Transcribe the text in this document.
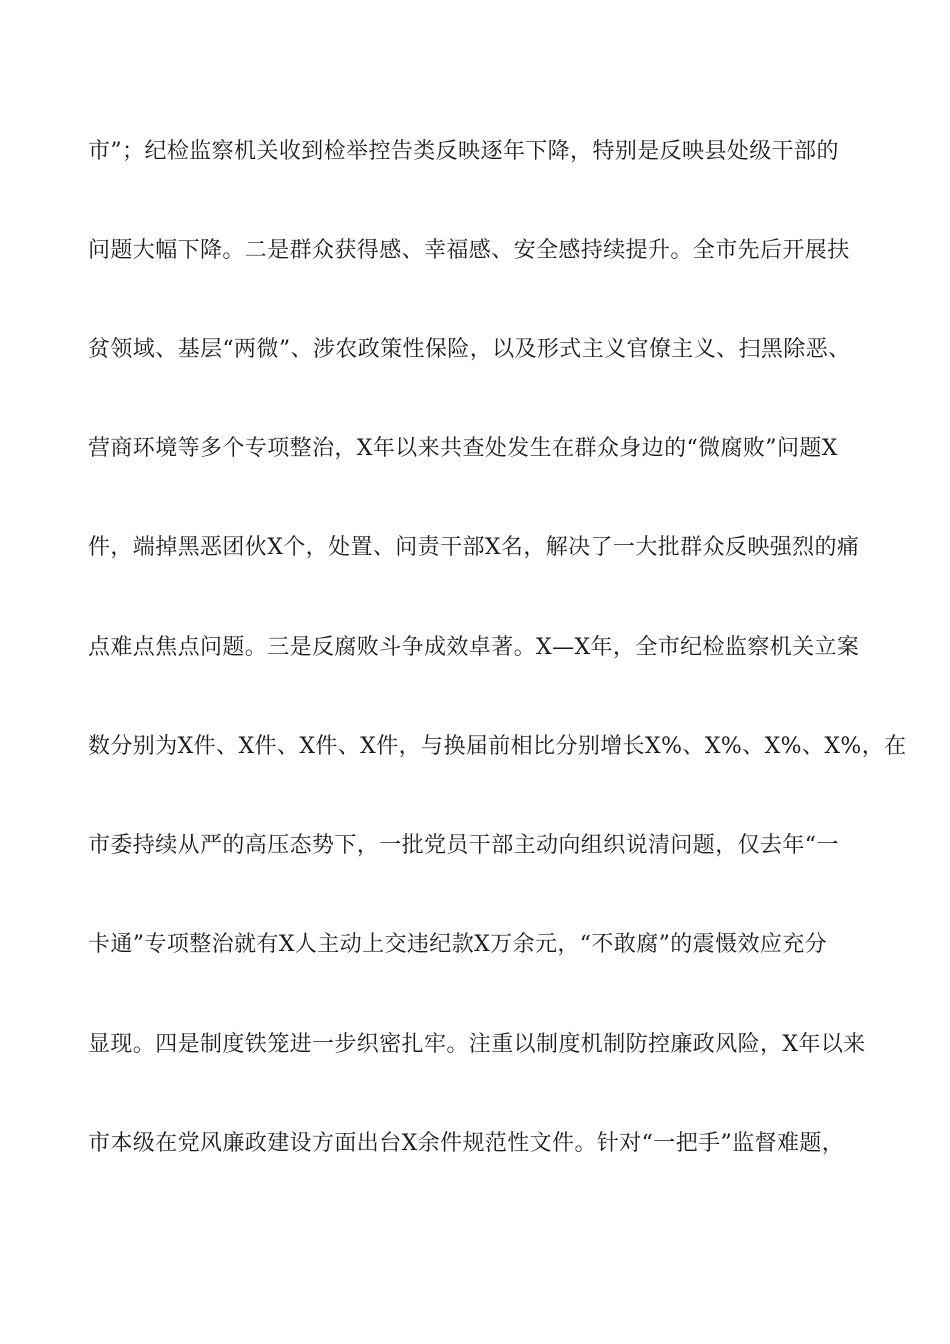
市”；纪检监察机关收到检举控告类反映逐年下降，特别是反映县处级干部的
问题大幅下降。二是群众获得感、幸福感、安全感持续提升。全市先后开展扶
贫领域、基层“两微”、涉农政策性保险，以及形式主义官僚主义、扫黑除恶、
营商环境等多个专项整治，X年以来共查处发生在群众身边的“微腐败”问题X
件，端掉黑恶团伙X个，处置、问责干部X名，解决了一大批群众反映强烈的痛
点难点焦点问题。三是反腐败斗争成效卓著。X—X年，全市纪检监察机关立案
数分别为X件、X件、X件、X件，与换届前相比分别增长X%、X%、X%、X%，在
市委持续从严的高压态势下，一批党员干部主动向组织说清问题，仅去年“一
卡通”专项整治就有X人主动上交违纪款X万余元，“不敢腐”的震慑效应充分
显现。四是制度铁笼进一步织密扎牢。注重以制度机制防控廉政风险，X年以来
市本级在党风廉政建设方面出台X余件规范性文件。针对“一把手”监督难题，
